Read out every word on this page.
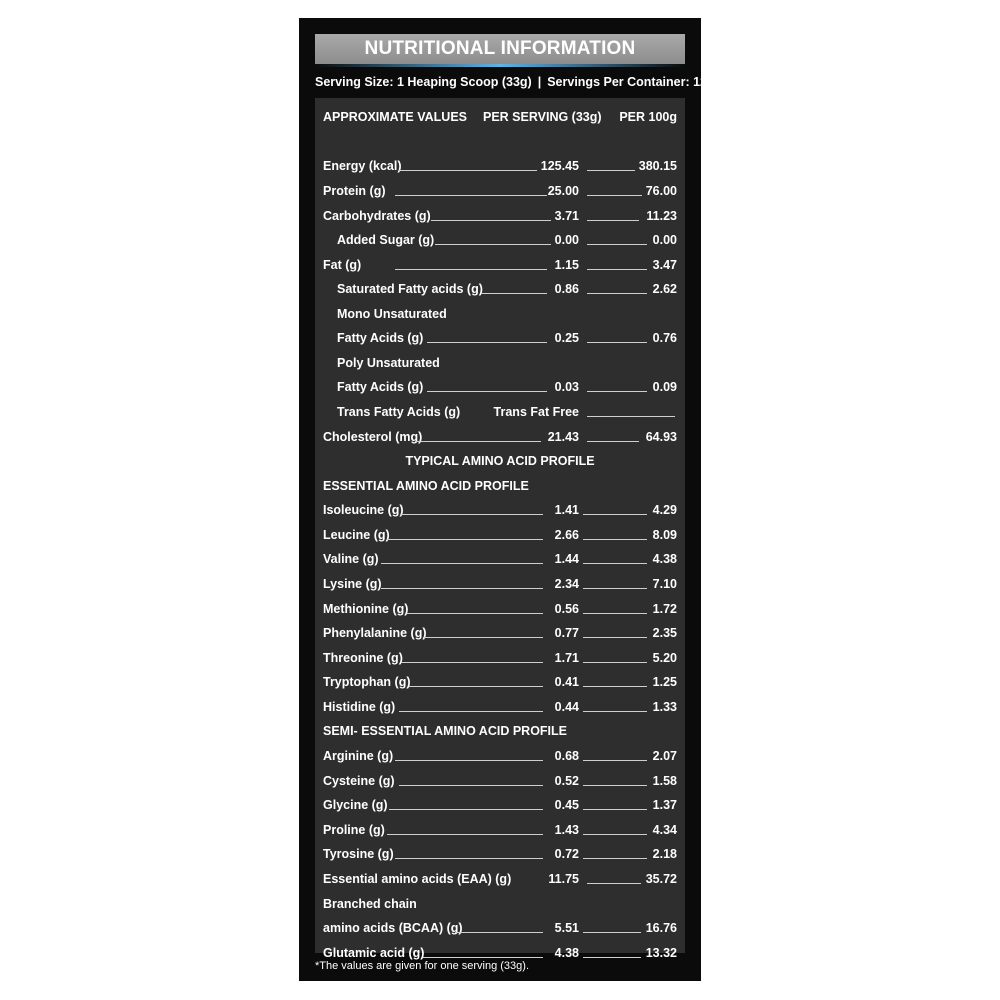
NUTRITIONAL INFORMATION
Serving Size: 1 Heaping Scoop (33g) | Servings Per Container: 121
APPROXIMATE VALUES PER SERVING (33g) PER 100g
Energy (kcal)	125.45	380.15
Protein (g)	25.00	76.00
Carbohydrates (g)	3.71	11.23
Added Sugar (g)	0.00	0.00
Fat (g)	1.15	3.47
Saturated Fatty acids (g)	0.86	2.62
Mono Unsaturated
Fatty Acids (g)	0.25	0.76
Poly Unsaturated
Fatty Acids (g)	0.03	0.09
Trans Fatty Acids (g)	Trans Fat Free
Cholesterol (mg)	21.43	64.93
TYPICAL AMINO ACID PROFILE
ESSENTIAL AMINO ACID PROFILE
Isoleucine (g)	1.41	4.29
Leucine (g)	2.66	8.09
Valine (g)	1.44	4.38
Lysine (g)	2.34	7.10
Methionine (g)	0.56	1.72
Phenylalanine (g)	0.77	2.35
Threonine (g)	1.71	5.20
Tryptophan (g)	0.41	1.25
Histidine (g)	0.44	1.33
SEMI- ESSENTIAL AMINO ACID PROFILE
Arginine (g)	0.68	2.07
Cysteine (g)	0.52	1.58
Glycine (g)	0.45	1.37
Proline (g)	1.43	4.34
Tyrosine (g)	0.72	2.18
Essential amino acids (EAA) (g)	11.75	35.72
Branched chain
amino acids (BCAA) (g)	5.51	16.76
Glutamic acid (g)	4.38	13.32
*The values are given for one serving (33g).
